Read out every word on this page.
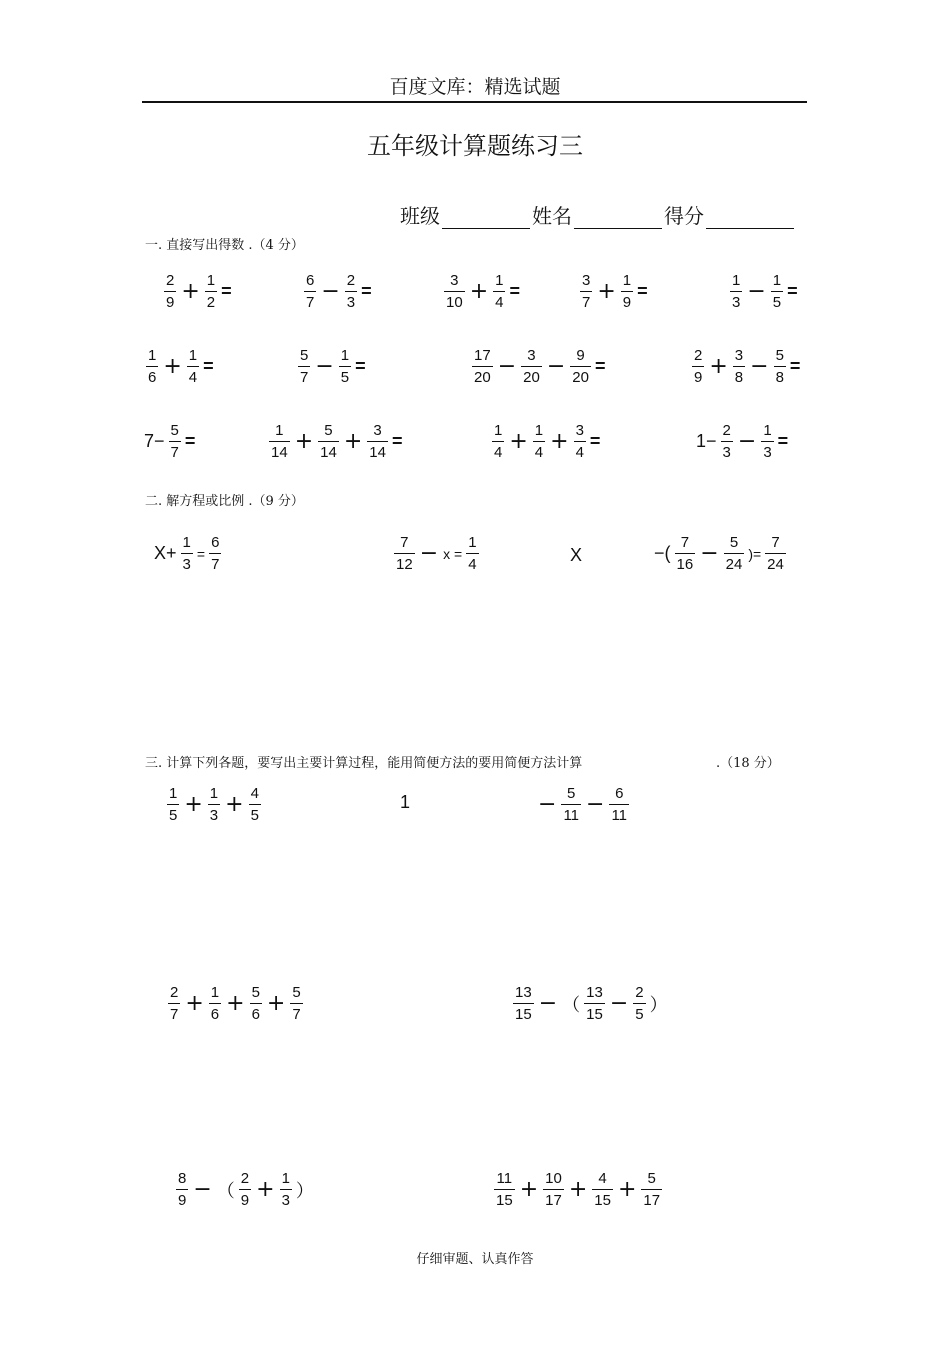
百度文库：精选试题
五年级计算题练习三
班级	姓名	得分
一. 直接写出得数 .（4 分）
二. 解方程或比例 .（9 分）
三. 计算下列各题，要写出主要计算过程，能用简便方法的要用简便方法计算	.（18 分）
$\frac{2}{9} + \frac{1}{2}$ =	$\frac{6}{7} - \frac{2}{3}$ =	$\frac{3}{10} + \frac{1}{4}$ =	$\frac{3}{7} + \frac{1}{9}$ =	$\frac{1}{3} - \frac{1}{5}$ =
$\frac{1}{6} + \frac{1}{4}$ =	$\frac{5}{7} - \frac{1}{5}$ =	$\frac{17}{20} - \frac{3}{20} - \frac{9}{20}$ =	$\frac{2}{9} + \frac{3}{8} - \frac{5}{8}$ =
$7- \frac{5}{7}$ =	$\frac{1}{14} + \frac{5}{14} + \frac{3}{14}$ =	$\frac{1}{4} + \frac{1}{4} + \frac{3}{4}$ =	$1- \frac{2}{3} - \frac{1}{3}$ =
$X+ \frac{1}{3} = \frac{6}{7}$	$\frac{7}{12} - x = \frac{1}{4}$	X	−( $\frac{7}{16} - \frac{5}{24}$ )= $\frac{7}{24}$
$\frac{1}{5} + \frac{1}{3} + \frac{4}{5}$	1	− $\frac{5}{11} - \frac{6}{11}$
$\frac{2}{7} + \frac{1}{6} + \frac{5}{6} + \frac{5}{7}$	$\frac{13}{15}$ − （ $\frac{13}{15} - \frac{2}{5}$ ）
$\frac{8}{9}$ − （ $\frac{2}{9} + \frac{1}{3}$ ）	$\frac{11}{15} + \frac{10}{17} + \frac{4}{15} + \frac{5}{17}$
仔细审题、认真作答
